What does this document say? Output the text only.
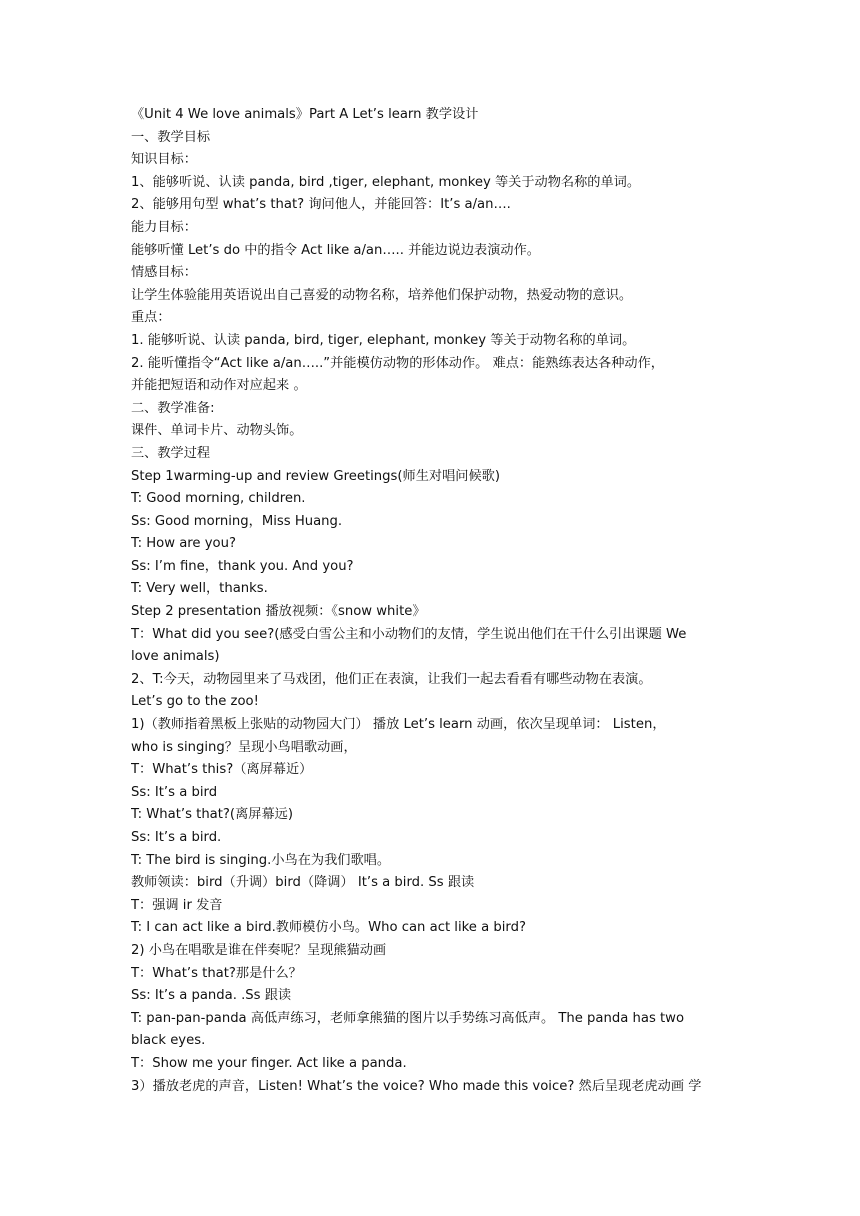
《Unit 4 We love animals》Part A Let’s learn 教学设计
一、教学目标
知识目标：
1、能够听说、认读 panda, bird ,tiger, elephant, monkey 等关于动物名称的单词。
2、能够用句型 what’s that? 询问他人，并能回答：It’s a/an….
能力目标：
能够听懂 Let’s do 中的指令 Act like a/an….. 并能边说边表演动作。
情感目标：
让学生体验能用英语说出自己喜爱的动物名称，培养他们保护动物，热爱动物的意识。
重点：
1. 能够听说、认读 panda, bird, tiger, elephant, monkey 等关于动物名称的单词。
2. 能听懂指令“Act like a/an…..”并能模仿动物的形体动作。 难点：能熟练表达各种动作，
并能把短语和动作对应起来 。
二、教学准备:
课件、单词卡片、动物头饰。
三、教学过程
Step 1warming-up and review Greetings(师生对唱问候歌)
T: Good morning, children.
Ss: Good morning，Miss Huang.
T: How are you?
Ss: I’m fine，thank you. And you?
T: Very well，thanks.
Step 2 presentation 播放视频：《snow white》
T：What did you see?(感受白雪公主和小动物们的友情，学生说出他们在干什么引出课题 We
love animals)
2、T:今天，动物园里来了马戏团，他们正在表演，让我们一起去看看有哪些动物在表演。
Let’s go to the zoo!
1)（教师指着黑板上张贴的动物园大门） 播放 Let’s learn 动画，依次呈现单词： Listen，
who is singing？呈现小鸟唱歌动画，
T：What’s this?（离屏幕近）
Ss: It’s a bird
T: What’s that?(离屏幕远)
Ss: It’s a bird.
T: The bird is singing.小鸟在为我们歌唱。
教师领读：bird（升调）bird（降调） It’s a bird. Ss 跟读
T：强调 ir 发音
T: I can act like a bird.教师模仿小鸟。Who can act like a bird?
2) 小鸟在唱歌是谁在伴奏呢？呈现熊猫动画
T：What’s that?那是什么？
Ss: It’s a panda. .Ss 跟读
T: pan-pan-panda 高低声练习，老师拿熊猫的图片以手势练习高低声。 The panda has two
black eyes.
T：Show me your finger. Act like a panda.
3）播放老虎的声音，Listen! What’s the voice? Who made this voice? 然后呈现老虎动画 学
